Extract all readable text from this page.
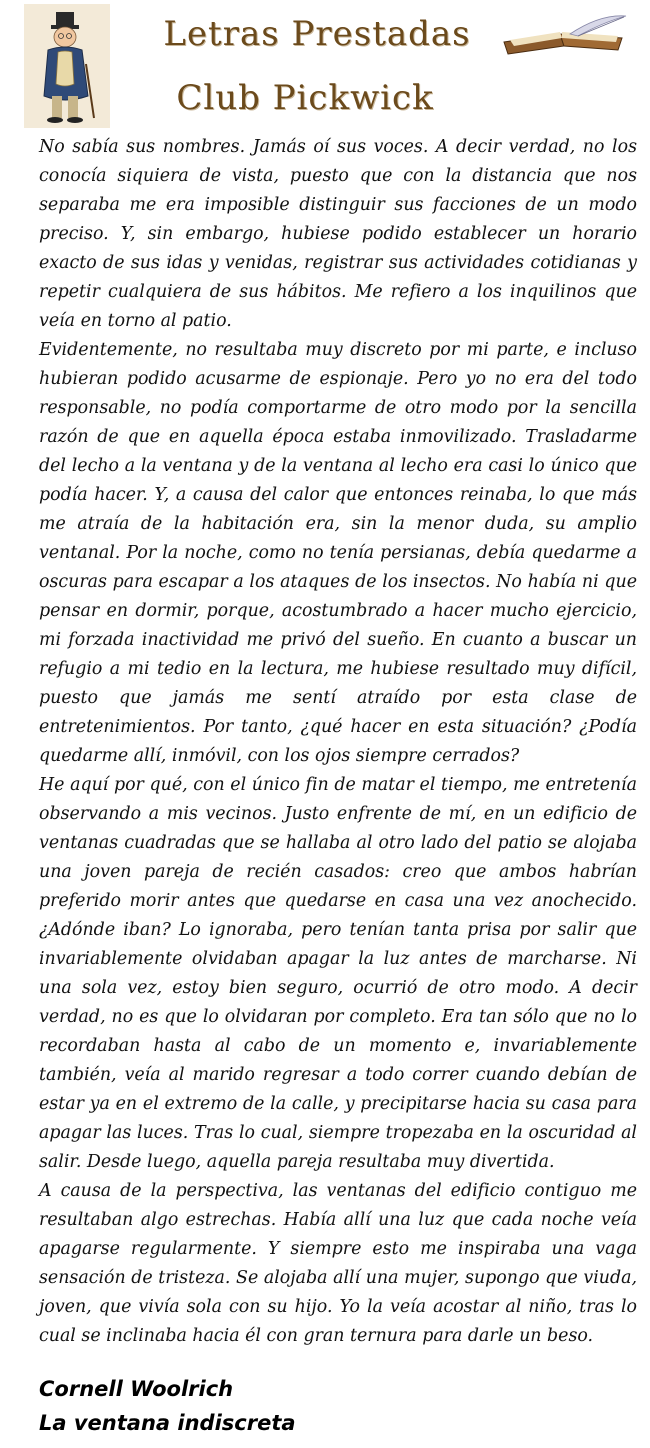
Letras Prestadas
Club Pickwick

No sabía sus nombres. Jamás oí sus voces. A decir verdad, no los conocía siquiera de vista, puesto que con la distancia que nos separaba me era imposible distinguir sus facciones de un modo preciso. Y, sin embargo, hubiese podido establecer un horario exacto de sus idas y venidas, registrar sus actividades cotidianas y repetir cualquiera de sus hábitos. Me refiero a los inquilinos que veía en torno al patio.

Evidentemente, no resultaba muy discreto por mi parte, e incluso hubieran podido acusarme de espionaje. Pero yo no era del todo responsable, no podía comportarme de otro modo por la sencilla razón de que en aquella época estaba inmovilizado. Trasladarme del lecho a la ventana y de la ventana al lecho era casi lo único que podía hacer. Y, a causa del calor que entonces reinaba, lo que más me atraía de la habitación era, sin la menor duda, su amplio ventanal. Por la noche, como no tenía persianas, debía quedarme a oscuras para escapar a los ataques de los insectos. No había ni que pensar en dormir, porque, acostumbrado a hacer mucho ejercicio, mi forzada inactividad me privó del sueño. En cuanto a buscar un refugio a mi tedio en la lectura, me hubiese resultado muy difícil, puesto que jamás me sentí atraído por esta clase de entretenimientos. Por tanto, ¿qué hacer en esta situación? ¿Podía quedarme allí, inmóvil, con los ojos siempre cerrados?

He aquí por qué, con el único fin de matar el tiempo, me entretenía observando a mis vecinos. Justo enfrente de mí, en un edificio de ventanas cuadradas que se hallaba al otro lado del patio se alojaba una joven pareja de recién casados: creo que ambos habrían preferido morir antes que quedarse en casa una vez anochecido. ¿Adónde iban? Lo ignoraba, pero tenían tanta prisa por salir que invariablemente olvidaban apagar la luz antes de marcharse. Ni una sola vez, estoy bien seguro, ocurrió de otro modo. A decir verdad, no es que lo olvidaran por completo. Era tan sólo que no lo recordaban hasta al cabo de un momento e, invariablemente también, veía al marido regresar a todo correr cuando debían de estar ya en el extremo de la calle, y precipitarse hacia su casa para apagar las luces. Tras lo cual, siempre tropezaba en la oscuridad al salir. Desde luego, aquella pareja resultaba muy divertida.

A causa de la perspectiva, las ventanas del edificio contiguo me resultaban algo estrechas. Había allí una luz que cada noche veía apagarse regularmente. Y siempre esto me inspiraba una vaga sensación de tristeza. Se alojaba allí una mujer, supongo que viuda, joven, que vivía sola con su hijo. Yo la veía acostar al niño, tras lo cual se inclinaba hacia él con gran ternura para darle un beso.

Cornell Woolrich
La ventana indiscreta
